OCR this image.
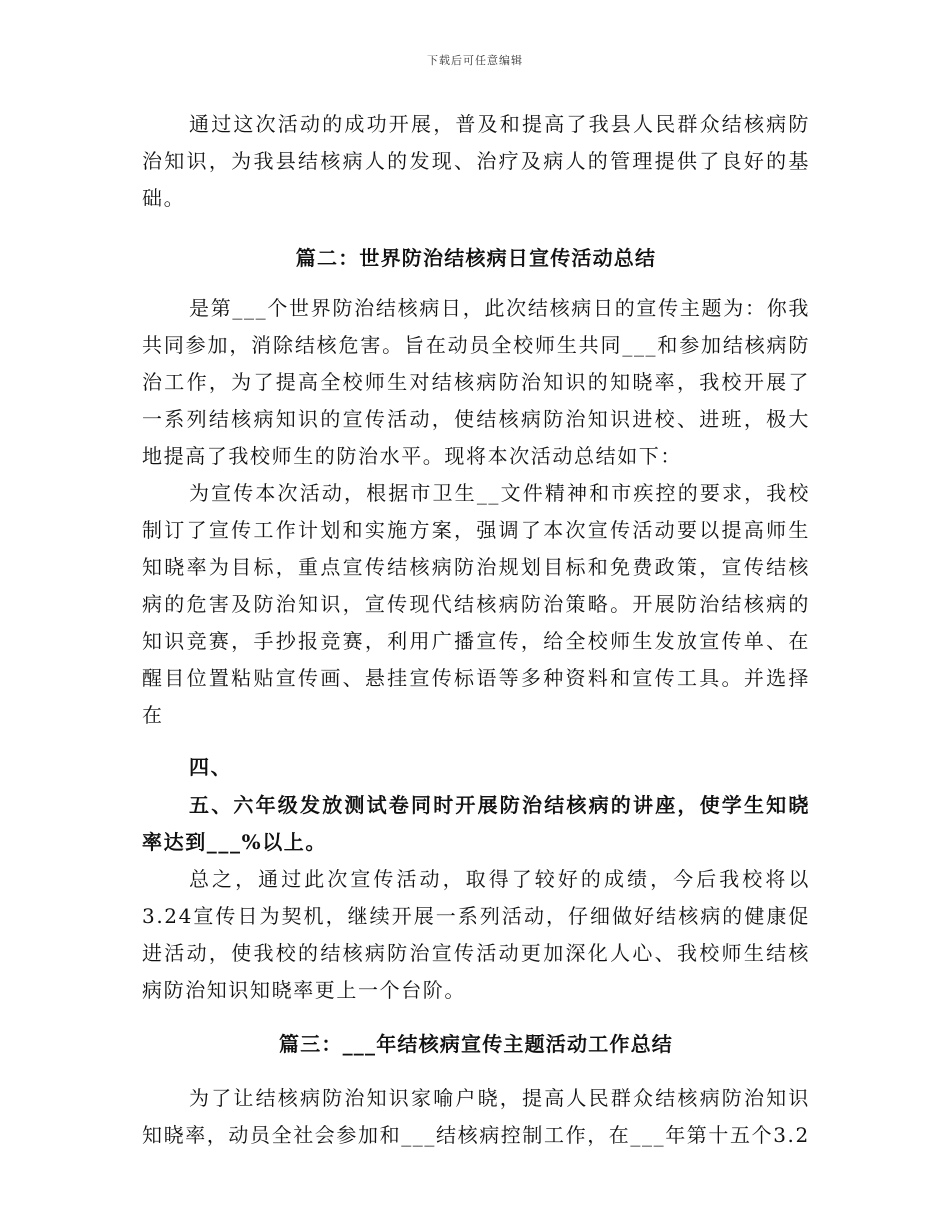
下载后可任意编辑

通过这次活动的成功开展，普及和提高了我县人民群众结核病防治知识，为我县结核病人的发现、治疗及病人的管理提供了良好的基础。

篇二：世界防治结核病日宣传活动总结

是第___个世界防治结核病日，此次结核病日的宣传主题为：你我共同参加，消除结核危害。旨在动员全校师生共同___和参加结核病防治工作，为了提高全校师生对结核病防治知识的知晓率，我校开展了一系列结核病知识的宣传活动，使结核病防治知识进校、进班，极大地提高了我校师生的防治水平。现将本次活动总结如下：

为宣传本次活动，根据市卫生__文件精神和市疾控的要求，我校制订了宣传工作计划和实施方案，强调了本次宣传活动要以提高师生知晓率为目标，重点宣传结核病防治规划目标和免费政策，宣传结核病的危害及防治知识，宣传现代结核病防治策略。开展防治结核病的知识竞赛，手抄报竞赛，利用广播宣传，给全校师生发放宣传单、在醒目位置粘贴宣传画、悬挂宣传标语等多种资料和宣传工具。并选择在

四、

五、六年级发放测试卷同时开展防治结核病的讲座，使学生知晓率达到___%以上。

总之，通过此次宣传活动，取得了较好的成绩，今后我校将以3.24宣传日为契机，继续开展一系列活动，仔细做好结核病的健康促进活动，使我校的结核病防治宣传活动更加深化人心、我校师生结核病防治知识知晓率更上一个台阶。

篇三：___年结核病宣传主题活动工作总结

为了让结核病防治知识家喻户晓，提高人民群众结核病防治知识知晓率，动员全社会参加和___结核病控制工作，在___年第十五个3.2
